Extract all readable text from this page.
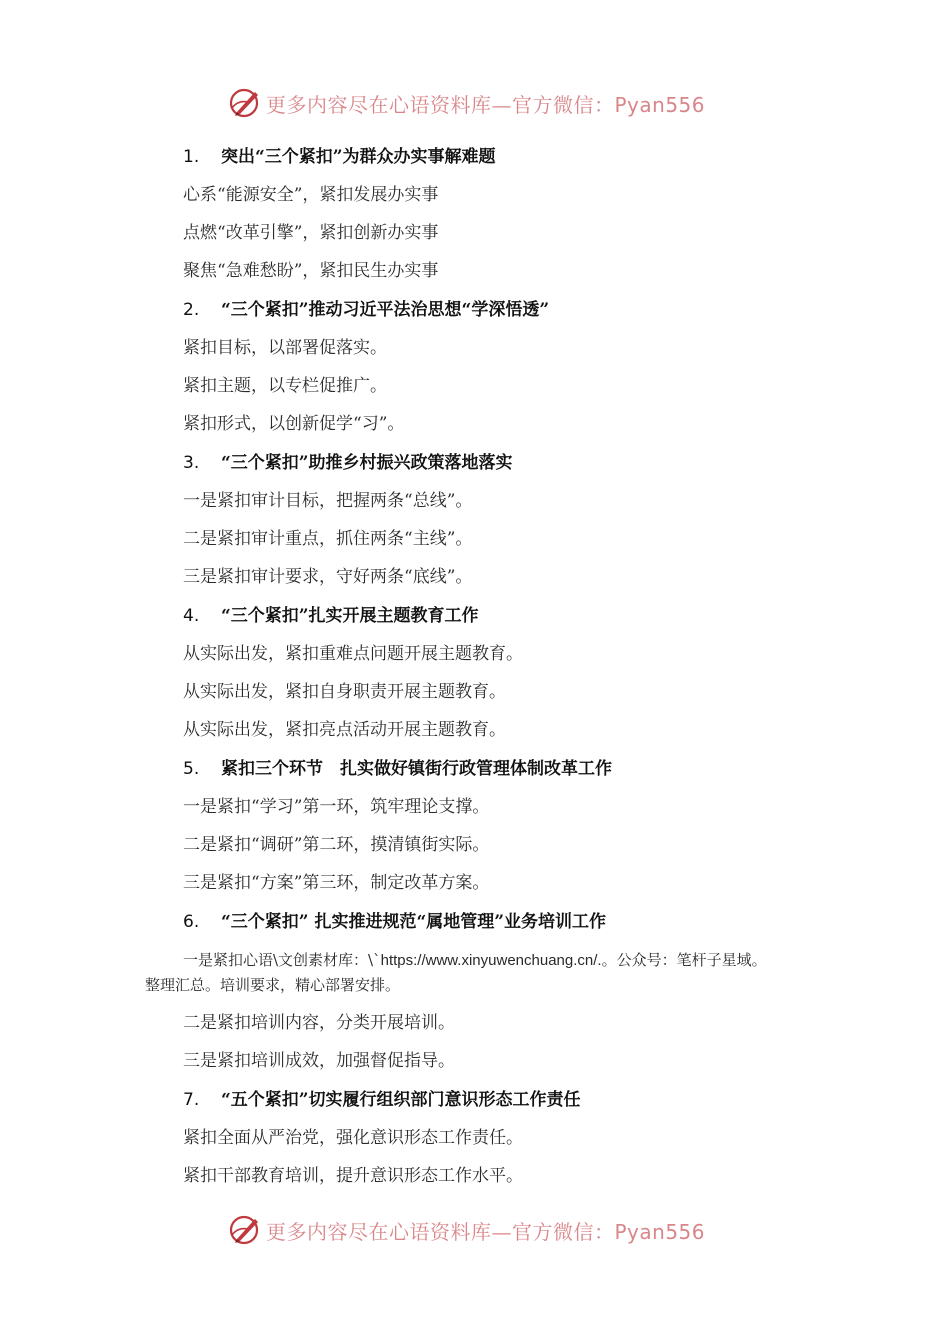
更多内容尽在心语资料库—官方微信：Pyan556
1. 突出“三个紧扣”为群众办实事解难题
心系“能源安全”，紧扣发展办实事
点燃“改革引擎”，紧扣创新办实事
聚焦“急难愁盼”，紧扣民生办实事
2. “三个紧扣”推动习近平法治思想“学深悟透”
紧扣目标，以部署促落实。
紧扣主题，以专栏促推广。
紧扣形式，以创新促学“习”。
3. “三个紧扣”助推乡村振兴政策落地落实
一是紧扣审计目标，把握两条“总线”。
二是紧扣审计重点，抓住两条“主线”。
三是紧扣审计要求，守好两条“底线”。
4. “三个紧扣”扎实开展主题教育工作
从实际出发，紧扣重难点问题开展主题教育。
从实际出发，紧扣自身职责开展主题教育。
从实际出发，紧扣亮点活动开展主题教育。
5. 紧扣三个环节　扎实做好镇街行政管理体制改革工作
一是紧扣“学习”第一环，筑牢理论支撑。
二是紧扣“调研”第二环，摸清镇街实际。
三是紧扣“方案”第三环，制定改革方案。
6. “三个紧扣” 扎实推进规范“属地管理”业务培训工作
一是紧扣心语\文创素材库：\`https://www.xinyuwenchuang.cn/.。公众号：笔杆子星域。
整理汇总。培训要求，精心部署安排。
二是紧扣培训内容，分类开展培训。
三是紧扣培训成效，加强督促指导。
7. “五个紧扣”切实履行组织部门意识形态工作责任
紧扣全面从严治党，强化意识形态工作责任。
紧扣干部教育培训，提升意识形态工作水平。
更多内容尽在心语资料库—官方微信：Pyan556
